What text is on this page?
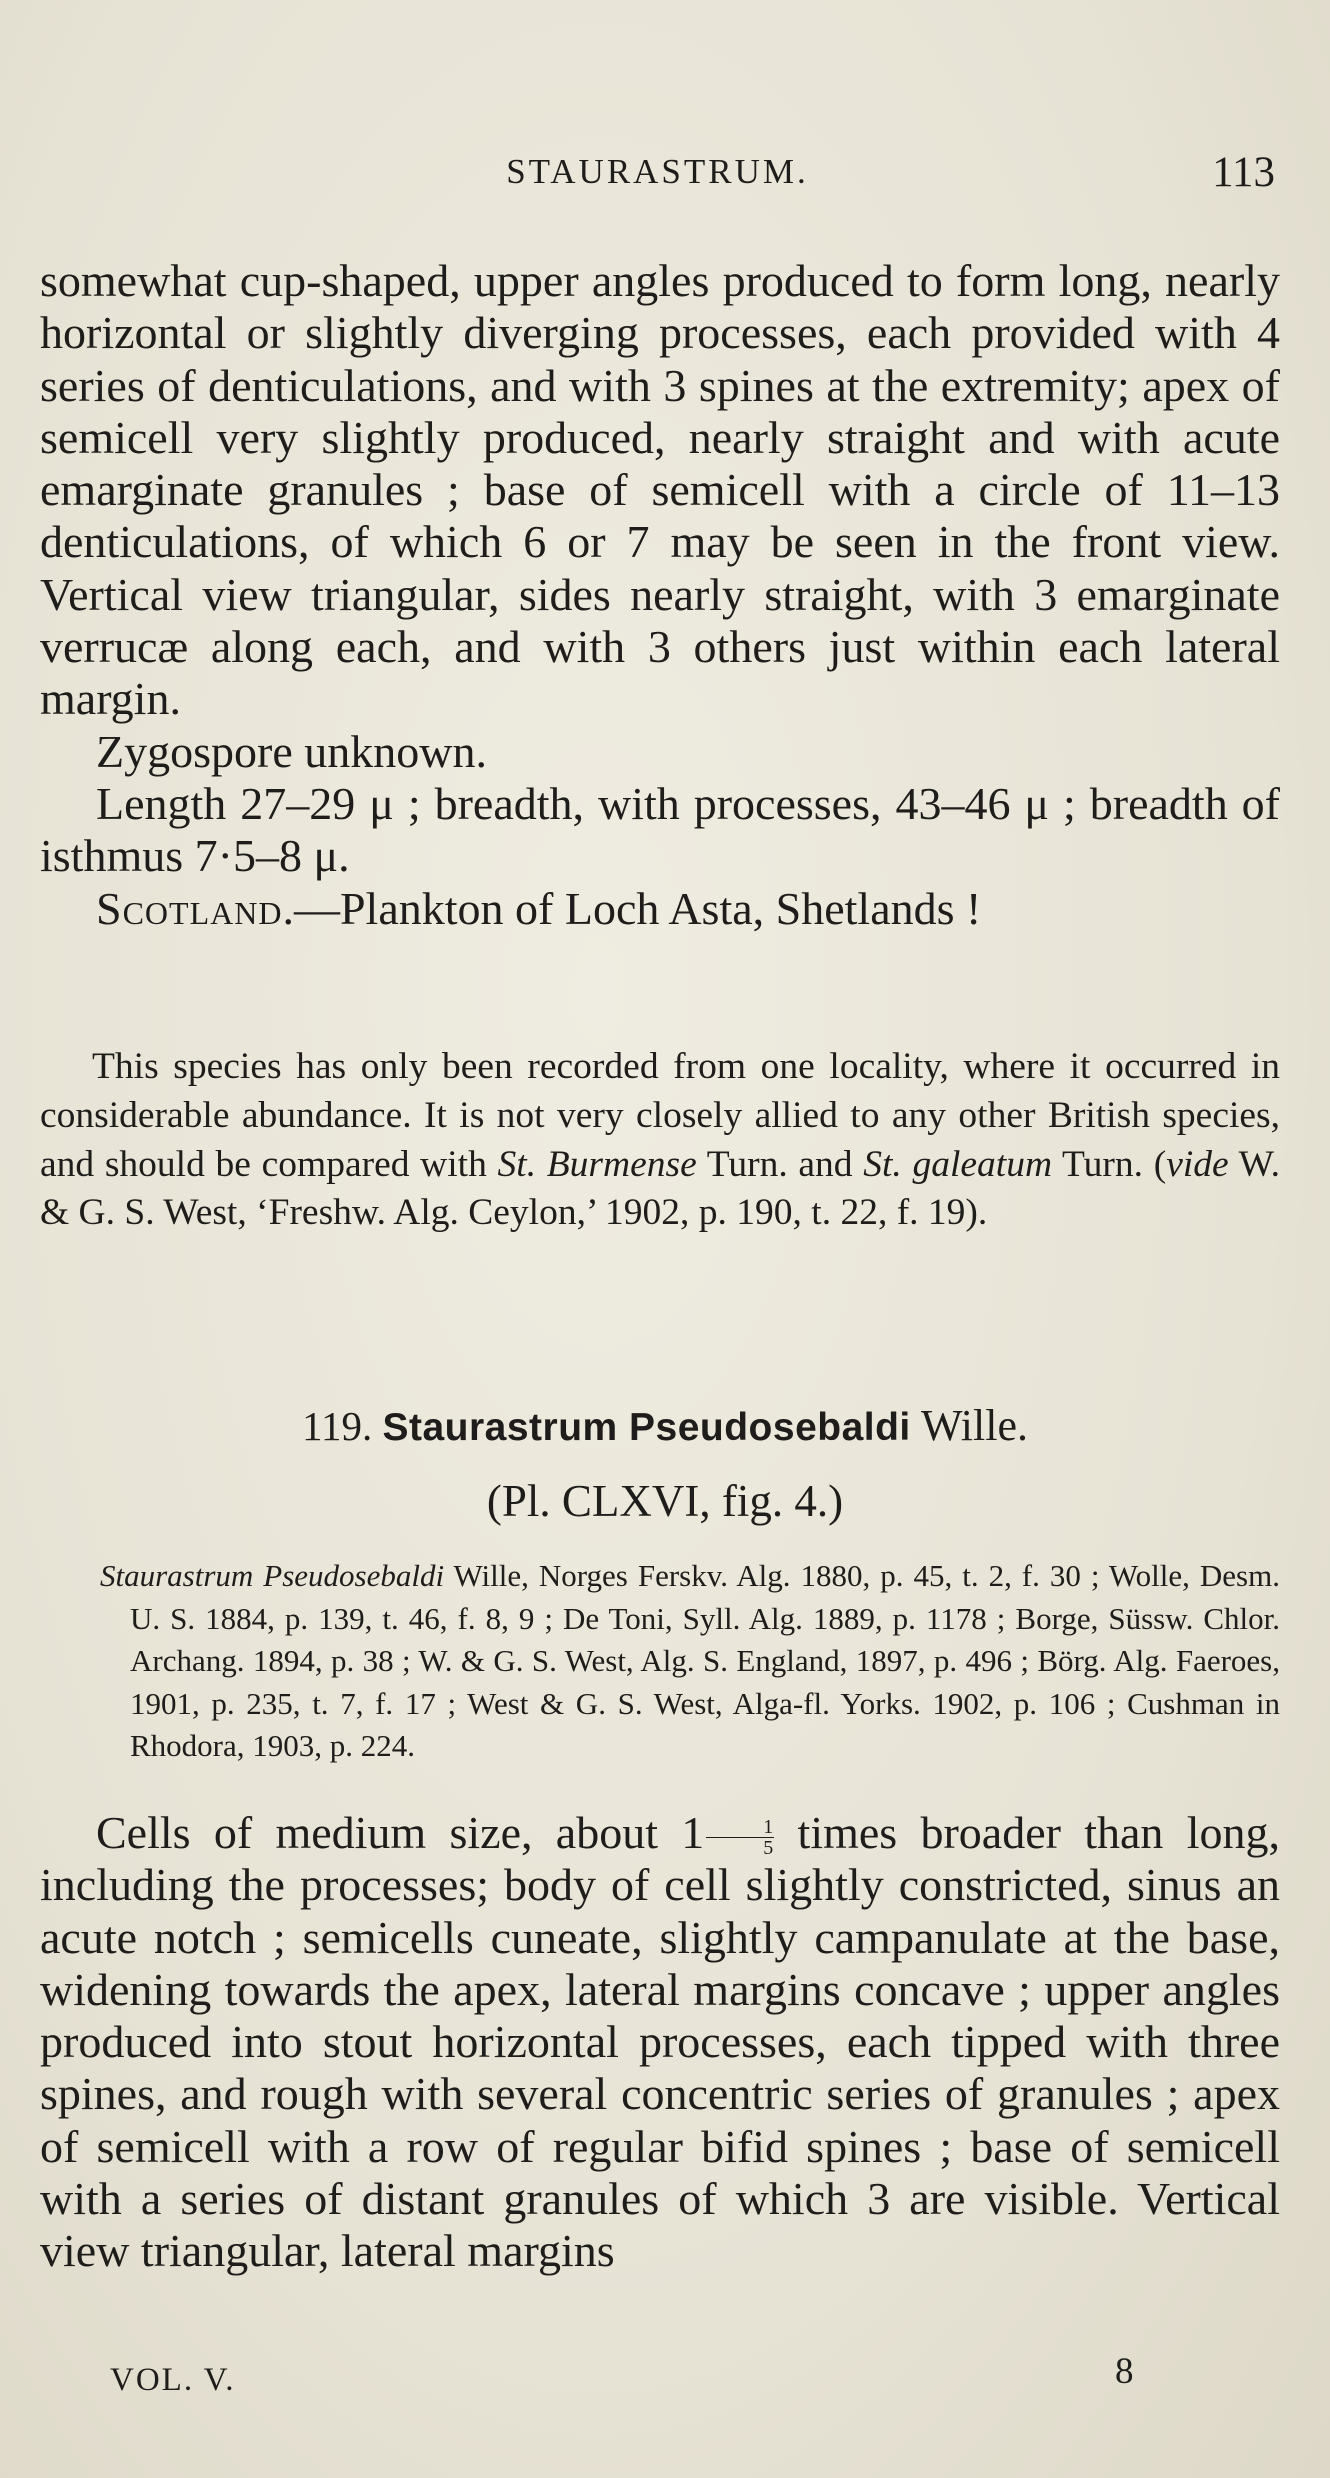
STAURASTRUM.	113

somewhat cup-shaped, upper angles produced to form long, nearly horizontal or slightly diverging processes, each provided with 4 series of denticulations, and with 3 spines at the extremity; apex of semicell very slightly produced, nearly straight and with acute emarginate granules ; base of semicell with a circle of 11–13 denticulations, of which 6 or 7 may be seen in the front view. Vertical view triangular, sides nearly straight, with 3 emarginate verrucæ along each, and with 3 others just within each lateral margin.

Zygospore unknown.

Length 27–29 μ ; breadth, with processes, 43–46 μ ; breadth of isthmus 7·5–8 μ.

Scotland.—Plankton of Loch Asta, Shetlands !

This species has only been recorded from one locality, where it occurred in considerable abundance. It is not very closely allied to any other British species, and should be compared with St. Burmense Turn. and St. galeatum Turn. (vide W. & G. S. West, ‘Freshw. Alg. Ceylon,’ 1902, p. 190, t. 22, f. 19).

119. Staurastrum Pseudosebaldi Wille.
(Pl. CLXVI, fig. 4.)

Staurastrum Pseudosebaldi Wille, Norges Ferskv. Alg. 1880, p. 45, t. 2, f. 30 ; Wolle, Desm. U. S. 1884, p. 139, t. 46, f. 8, 9 ; De Toni, Syll. Alg. 1889, p. 1178 ; Borge, Süssw. Chlor. Archang. 1894, p. 38 ; W. & G. S. West, Alg. S. England, 1897, p. 496 ; Börg. Alg. Faeroes, 1901, p. 235, t. 7, f. 17 ; West & G. S. West, Alga-fl. Yorks. 1902, p. 106 ; Cushman in Rhodora, 1903, p. 224.

Cells of medium size, about $1 \frac{1}{5}$ times broader than long, including the processes; body of cell slightly constricted, sinus an acute notch ; semicells cuneate, slightly campanulate at the base, widening towards the apex, lateral margins concave ; upper angles produced into stout horizontal processes, each tipped with three spines, and rough with several concentric series of granules ; apex of semicell with a row of regular bifid spines ; base of semicell with a series of distant granules of which 3 are visible. Vertical view triangular, lateral margins

VOL. V.	8
